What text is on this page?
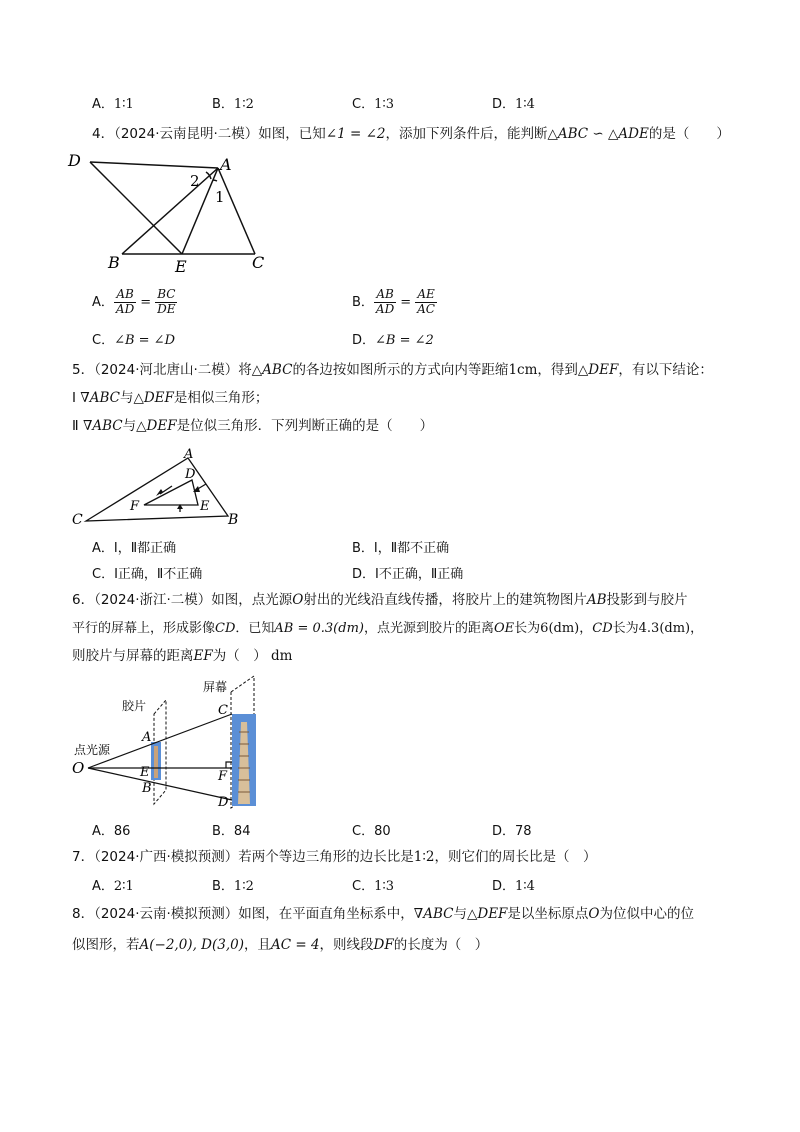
A．1∶1	B．1∶2	C．1∶3	D．1∶4
4．（2024·云南昆明·二模）如图，已知∠1 = ∠2，添加下列条件后，能判断△ABC ∽ △ADE的是（　　）
D	A
2
1
B	E	C
A． $\frac{AB}{AD} = \frac{BC}{DE}$	B． $\frac{AB}{AD} = \frac{AE}{AC}$
C．∠B = ∠D	D．∠B = ∠2
5．（2024·河北唐山·二模）将△ABC的各边按如图所示的方式向内等距缩1cm，得到△DEF，有以下结论：
Ⅰ ∇ABC与△DEF是相似三角形；
Ⅱ ∇ABC与△DEF是位似三角形．下列判断正确的是（　　）
A
D
F	E
C	B
A．Ⅰ，Ⅱ都正确	B．Ⅰ，Ⅱ都不正确
C．Ⅰ正确，Ⅱ不正确	D．Ⅰ不正确，Ⅱ正确
6．（2024·浙江·二模）如图，点光源O射出的光线沿直线传播，将胶片上的建筑物图片AB投影到与胶片
平行的屏幕上，形成影像CD．已知AB = 0.3(dm)，点光源到胶片的距离OE长为6(dm)，CD长为4.3(dm)，
则胶片与屏幕的距离EF为（　） dm
胶片
屏幕
点光源
O
A
E
B
C
F
D
A．86	B．84	C．80	D．78
7．（2024·广西·模拟预测）若两个等边三角形的边长比是1∶2，则它们的周长比是（　）
A．2∶1	B．1∶2	C．1∶3	D．1∶4
8．（2024·云南·模拟预测）如图，在平面直角坐标系中，∇ABC与△DEF是以坐标原点O为位似中心的位
似图形，若A(−2,0), D(3,0)，且AC = 4，则线段DF的长度为（　）
